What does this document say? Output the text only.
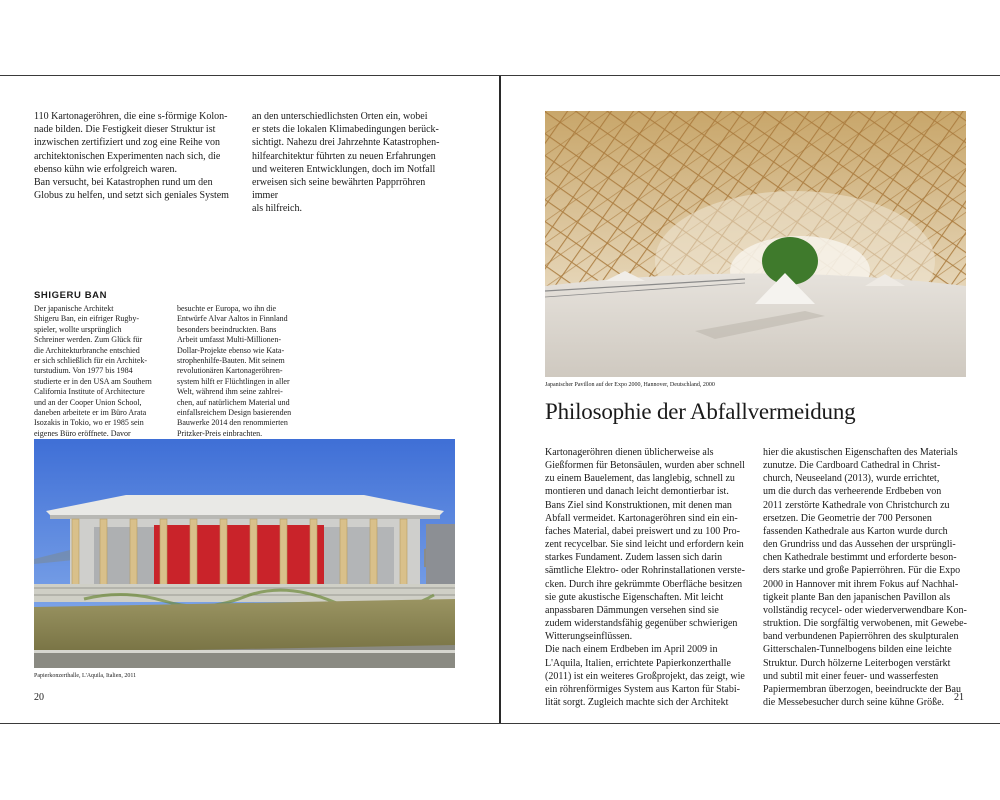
110 Kartonageröhren, die eine s-förmige Kolon-
nade bilden. Die Festigkeit dieser Struktur ist
inzwischen zertifiziert und zog eine Reihe von
architektonischen Experimenten nach sich, die
ebenso kühn wie erfolgreich waren.
Ban versucht, bei Katastrophen rund um den
Globus zu helfen, und setzt sich geniales System

an den unterschiedlichsten Orten ein, wobei
er stets die lokalen Klimabedingungen berück-
sichtigt. Nahezu drei Jahrzehnte Katastrophen-
hilfearchitektur führten zu neuen Erfahrungen
und weiteren Entwicklungen, doch im Notfall
erweisen sich seine bewährten Papprröhren immer
als hilfreich.

SHIGERU BAN

Der japanische Architekt
Shigeru Ban, ein eifriger Rugby-
spieler, wollte ursprünglich
Schreiner werden. Zum Glück für
die Architekturbranche entschied
er sich schließlich für ein Architek-
turstudium. Von 1977 bis 1984
studierte er in den USA am Southern
California Institute of Architecture
und an der Cooper Union School,
daneben arbeitete er im Büro Arata
Isozakis in Tokio, wo er 1985 sein
eigenes Büro eröffnete. Davor

besuchte er Europa, wo ihn die
Entwürfe Alvar Aaltos in Finnland
besonders beeindruckten. Bans
Arbeit umfasst Multi-Millionen-
Dollar-Projekte ebenso wie Kata-
strophenhilfe-Bauten. Mit seinem
revolutionären Kartonageröhren-
system hilft er Flüchtlingen in aller
Welt, während ihm seine zahlrei-
chen, auf natürlichem Material und
einfallsreichem Design basierenden
Bauwerke 2014 den renommierten
Pritzker-Preis einbrachten.

Papierkonzerthalle, L'Aquila, Italien, 2011
20
Japanischer Pavillon auf der Expo 2000, Hannover, Deutschland, 2000
Philosophie der Abfallvermeidung

Kartonageröhren dienen üblicherweise als
Gießformen für Betonsäulen, wurden aber schnell
zu einem Bauelement, das langlebig, schnell zu
montieren und danach leicht demontierbar ist.
Bans Ziel sind Konstruktionen, mit denen man
Abfall vermeidet. Kartonageröhren sind ein ein-
faches Material, dabei preiswert und zu 100 Pro-
zent recycelbar. Sie sind leicht und erfordern kein
starkes Fundament. Zudem lassen sich darin
sämtliche Elektro- oder Rohrinstallationen verste-
cken. Durch ihre gekrümmte Oberfläche besitzen
sie gute akustische Eigenschaften. Mit leicht
anpassbaren Dämmungen versehen sind sie
zudem widerstandsfähig gegenüber schwierigen
Witterungseinflüssen.
Die nach einem Erdbeben im April 2009 in
L'Aquila, Italien, errichtete Papierkonzerthalle
(2011) ist ein weiteres Großprojekt, das zeigt, wie
ein röhrenförmiges System aus Karton für Stabi-
lität sorgt. Zugleich machte sich der Architekt

hier die akustischen Eigenschaften des Materials
zunutze. Die Cardboard Cathedral in Christ-
church, Neuseeland (2013), wurde errichtet,
um die durch das verheerende Erdbeben von
2011 zerstörte Kathedrale von Christchurch zu
ersetzen. Die Geometrie der 700 Personen
fassenden Kathedrale aus Karton wurde durch
den Grundriss und das Aussehen der ursprüngli-
chen Kathedrale bestimmt und erforderte beson-
ders starke und große Papierröhren. Für die Expo
2000 in Hannover mit ihrem Fokus auf Nachhal-
tigkeit plante Ban den japanischen Pavillon als
vollständig recycel- oder wiederverwendbare Kon-
struktion. Die sorgfältig verwobenen, mit Gewebe-
band verbundenen Papierröhren des skulpturalen
Gitterschalen-Tunnelbogens bilden eine leichte
Struktur. Durch hölzerne Leiterbogen verstärkt
und subtil mit einer feuer- und wasserfesten
Papiermembran überzogen, beeindruckte der Bau
die Messebesucher durch seine kühne Größe. 21
